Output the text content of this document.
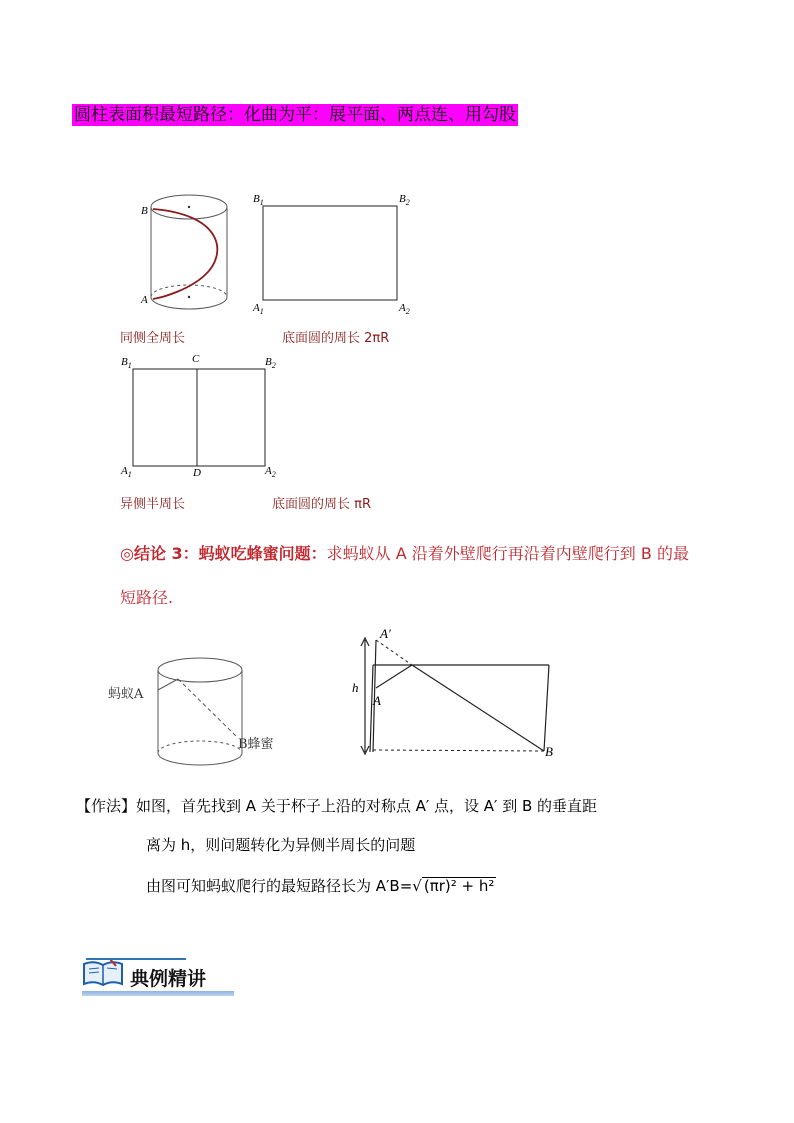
圆柱表面积最短路径：化曲为平：展平面、两点连、用勾股
B
A
$B_1$	$B_2$
$A_1$	$A_2$
同侧全周长	底面圆的周长 2πR
$B_1$
C	$B_2$
$A_1$	D	$A_2$
异侧半周长	底面圆的周长 πR
◎结论 3：蚂蚁吃蜂蜜问题：求蚂蚁从 A 沿着外壁爬行再沿着内壁爬行到 B 的最
短路径.
蚂蚁A
B蜂蜜
A′
A
h
B
【作法】如图，首先找到 A 关于杯子上沿的对称点 A′ 点，设 A′ 到 B 的垂直距
离为 h，则问题转化为异侧半周长的问题
由图可知蚂蚁爬行的最短路径长为 A′B=√ (πr)² + h²
典例精讲
